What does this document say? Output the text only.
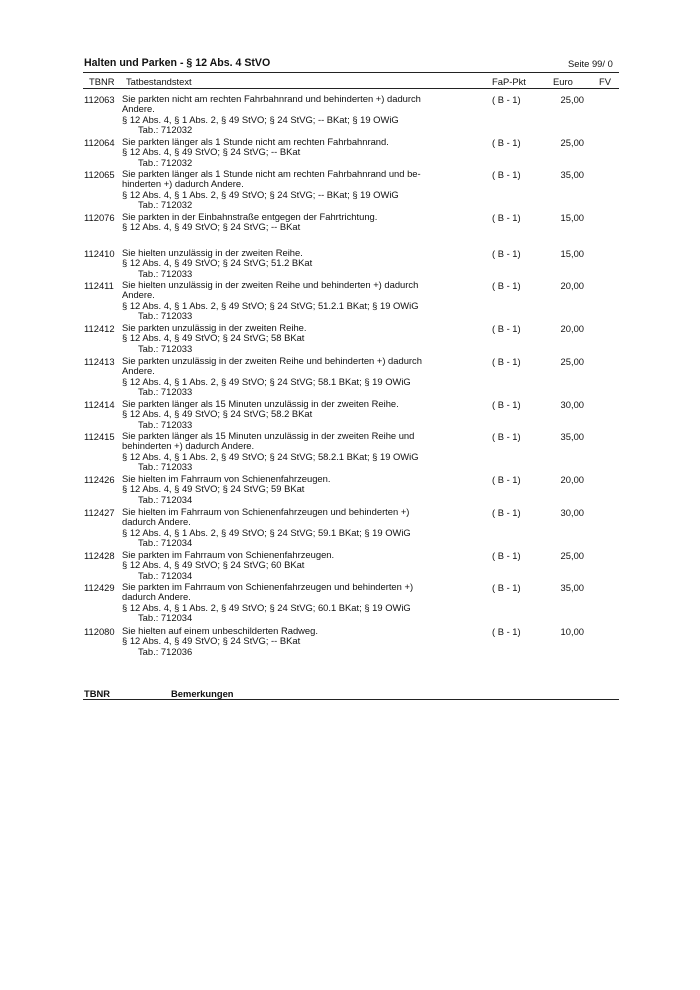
Halten und Parken - § 12 Abs. 4 StVO	Seite 99/ 0
TBNR Tatbestandstext	FaP-Pkt	Euro	FV
112063 Sie parkten nicht am rechten Fahrbahnrand und behinderten +) dadurch
Andere.
§ 12 Abs. 4, § 1 Abs. 2, § 49 StVO; § 24 StVG; -- BKat; § 19 OWiG
Tab.: 712032
( B - 1)	25,00
112064 Sie parkten länger als 1 Stunde nicht am rechten Fahrbahnrand.
§ 12 Abs. 4, § 49 StVO; § 24 StVG; -- BKat
Tab.: 712032
( B - 1)	25,00
112065 Sie parkten länger als 1 Stunde nicht am rechten Fahrbahnrand und be-
hinderten +) dadurch Andere.
§ 12 Abs. 4, § 1 Abs. 2, § 49 StVO; § 24 StVG; -- BKat; § 19 OWiG
Tab.: 712032
( B - 1)	35,00
112076 Sie parkten in der Einbahnstraße entgegen der Fahrtrichtung.
§ 12 Abs. 4, § 49 StVO; § 24 StVG; -- BKat
( B - 1)	15,00
112410 Sie hielten unzulässig in der zweiten Reihe.
§ 12 Abs. 4, § 49 StVO; § 24 StVG; 51.2 BKat
Tab.: 712033
( B - 1)	15,00
112411 Sie hielten unzulässig in der zweiten Reihe und behinderten +) dadurch
Andere.
§ 12 Abs. 4, § 1 Abs. 2, § 49 StVO; § 24 StVG; 51.2.1 BKat; § 19 OWiG
Tab.: 712033
( B - 1)	20,00
112412 Sie parkten unzulässig in der zweiten Reihe.
§ 12 Abs. 4, § 49 StVO; § 24 StVG; 58 BKat
Tab.: 712033
( B - 1)	20,00
112413 Sie parkten unzulässig in der zweiten Reihe und behinderten +) dadurch
Andere.
§ 12 Abs. 4, § 1 Abs. 2, § 49 StVO; § 24 StVG; 58.1 BKat; § 19 OWiG
Tab.: 712033
( B - 1)	25,00
112414 Sie parkten länger als 15 Minuten unzulässig in der zweiten Reihe.
§ 12 Abs. 4, § 49 StVO; § 24 StVG; 58.2 BKat
Tab.: 712033
( B - 1)	30,00
112415 Sie parkten länger als 15 Minuten unzulässig in der zweiten Reihe und
behinderten +) dadurch Andere.
§ 12 Abs. 4, § 1 Abs. 2, § 49 StVO; § 24 StVG; 58.2.1 BKat; § 19 OWiG
Tab.: 712033
( B - 1)	35,00
112426 Sie hielten im Fahrraum von Schienenfahrzeugen.
§ 12 Abs. 4, § 49 StVO; § 24 StVG; 59 BKat
Tab.: 712034
( B - 1)	20,00
112427 Sie hielten im Fahrraum von Schienenfahrzeugen und behinderten +)
dadurch Andere.
§ 12 Abs. 4, § 1 Abs. 2, § 49 StVO; § 24 StVG; 59.1 BKat; § 19 OWiG
Tab.: 712034
( B - 1)	30,00
112428 Sie parkten im Fahrraum von Schienenfahrzeugen.
§ 12 Abs. 4, § 49 StVO; § 24 StVG; 60 BKat
Tab.: 712034
( B - 1)	25,00
112429 Sie parkten im Fahrraum von Schienenfahrzeugen und behinderten +)
dadurch Andere.
§ 12 Abs. 4, § 1 Abs. 2, § 49 StVO; § 24 StVG; 60.1 BKat; § 19 OWiG
Tab.: 712034
( B - 1)	35,00
112080 Sie hielten auf einem unbeschilderten Radweg.
§ 12 Abs. 4, § 49 StVO; § 24 StVG; -- BKat
Tab.: 712036
( B - 1)	10,00
TBNR	Bemerkungen
